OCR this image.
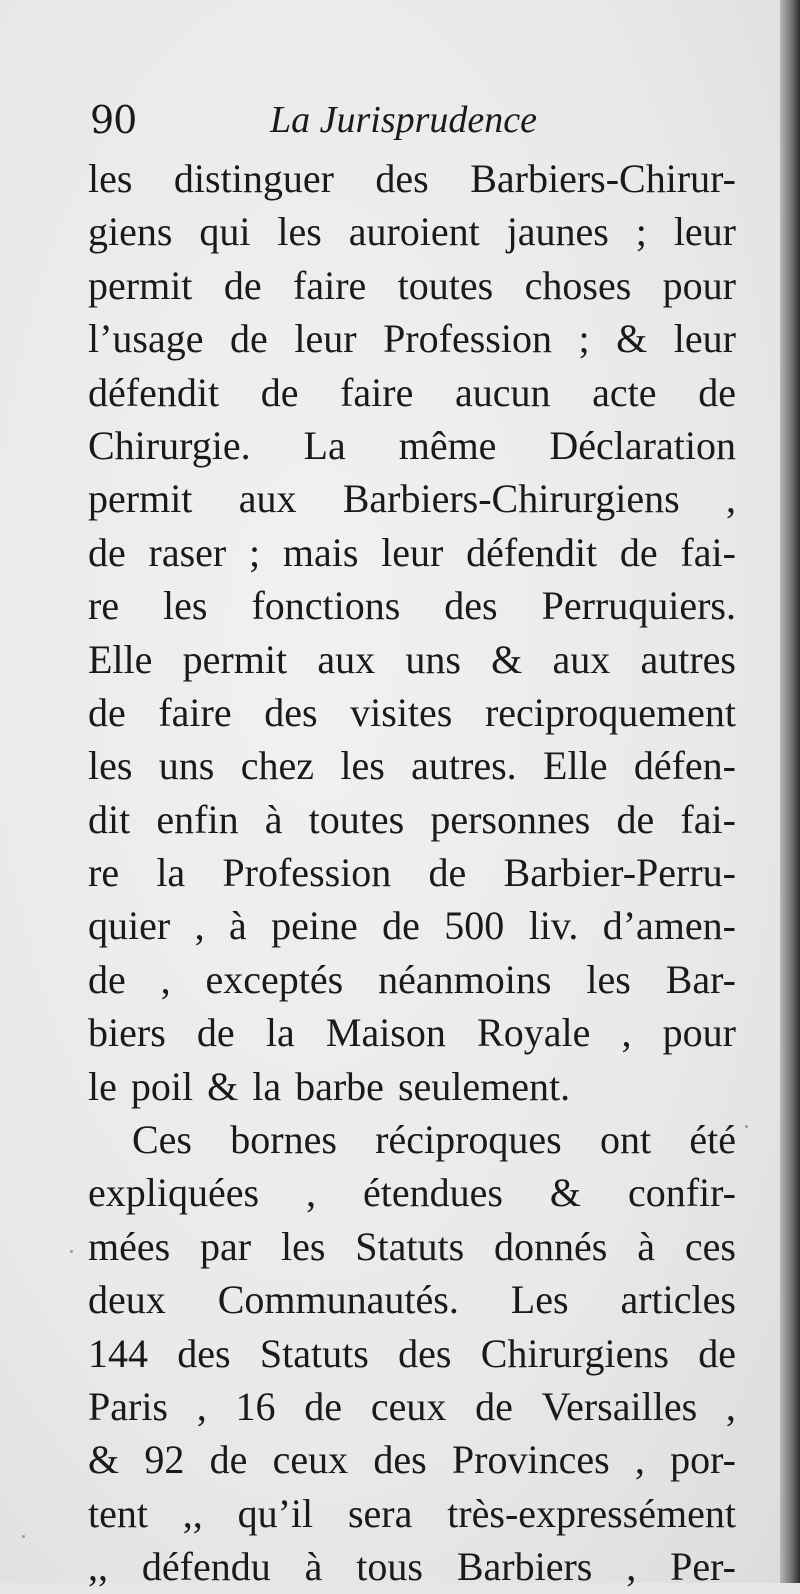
90	La Jurisprudence
les distinguer des Barbiers-Chirur-
giens qui les auroient jaunes ; leur
permit de faire toutes choses pour
l’usage de leur Profession ; & leur
défendit de faire aucun acte de
Chirurgie. La même Déclaration
permit aux Barbiers-Chirurgiens ,
de raser ; mais leur défendit de fai-
re les fonctions des Perruquiers.
Elle permit aux uns & aux autres
de faire des visites reciproquement
les uns chez les autres. Elle défen-
dit enfin à toutes personnes de fai-
re la Profession de Barbier-Perru-
quier , à peine de 500 liv. d’amen-
de , exceptés néanmoins les Bar-
biers de la Maison Royale , pour
le poil & la barbe seulement.
Ces bornes réciproques ont été
expliquées , étendues & confir-
mées par les Statuts donnés à ces
deux Communautés. Les articles
144 des Statuts des Chirurgiens de
Paris , 16 de ceux de Versailles ,
& 92 de ceux des Provinces , por-
tent ,, qu’il sera très-expressément
,, défendu à tous Barbiers , Per-
